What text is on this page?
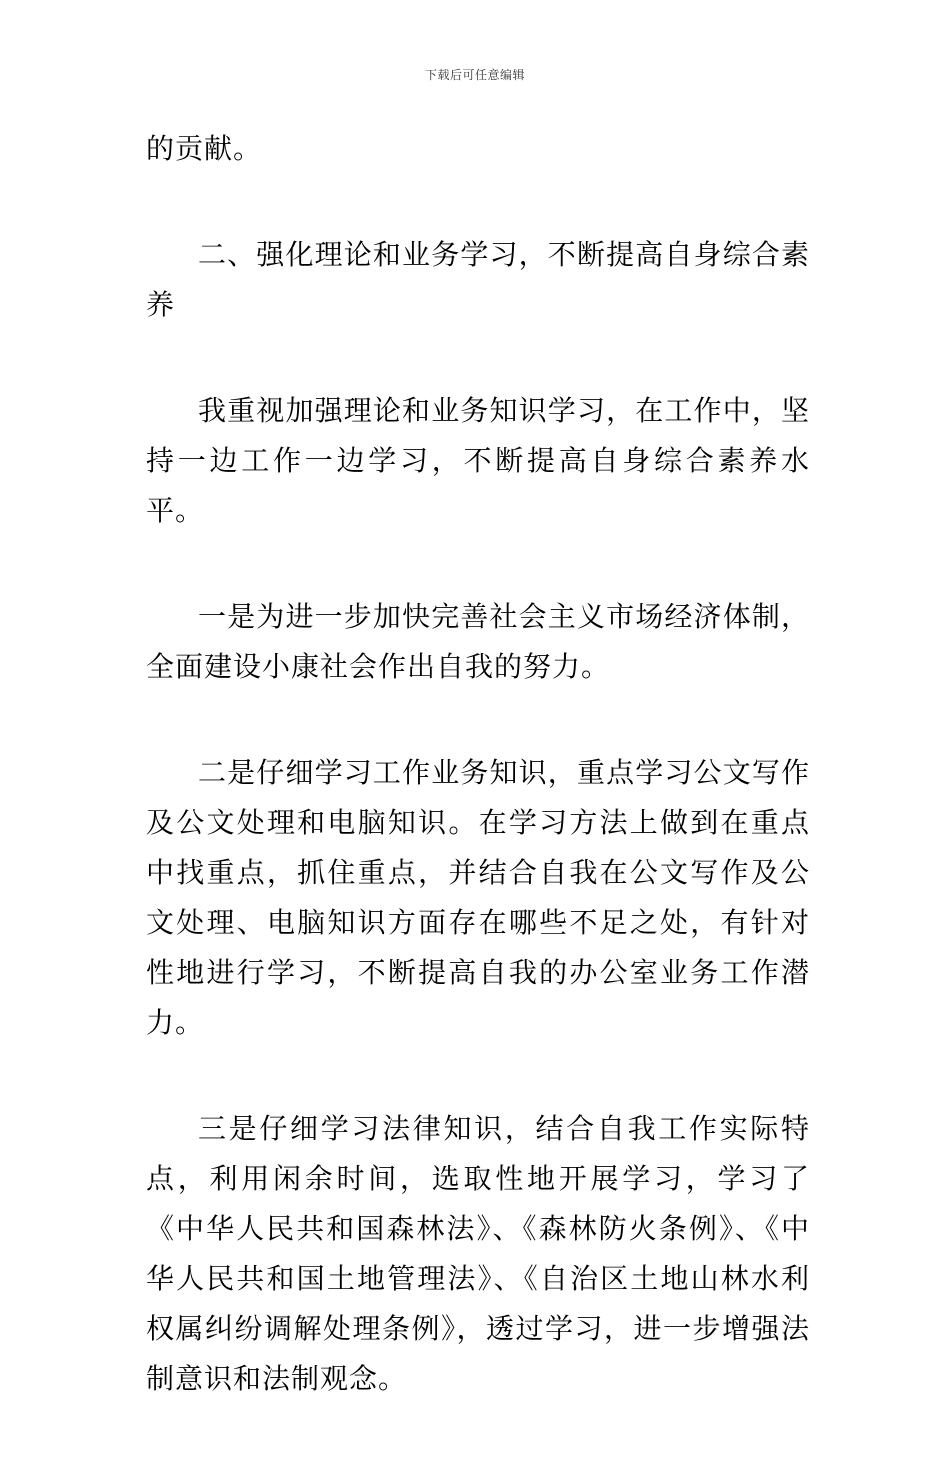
下载后可任意编辑

的贡献。

二、强化理论和业务学习，不断提高自身综合素养

我重视加强理论和业务知识学习，在工作中，坚持一边工作一边学习，不断提高自身综合素养水平。

一是为进一步加快完善社会主义市场经济体制，全面建设小康社会作出自我的努力。

二是仔细学习工作业务知识，重点学习公文写作及公文处理和电脑知识。在学习方法上做到在重点中找重点，抓住重点，并结合自我在公文写作及公文处理、电脑知识方面存在哪些不足之处，有针对性地进行学习，不断提高自我的办公室业务工作潜力。

三是仔细学习法律知识，结合自我工作实际特点，利用闲余时间，选取性地开展学习，学习了《中华人民共和国森林法》、《森林防火条例》、《中华人民共和国土地管理法》、《自治区土地山林水利权属纠纷调解处理条例》，透过学习，进一步增强法制意识和法制观念。
